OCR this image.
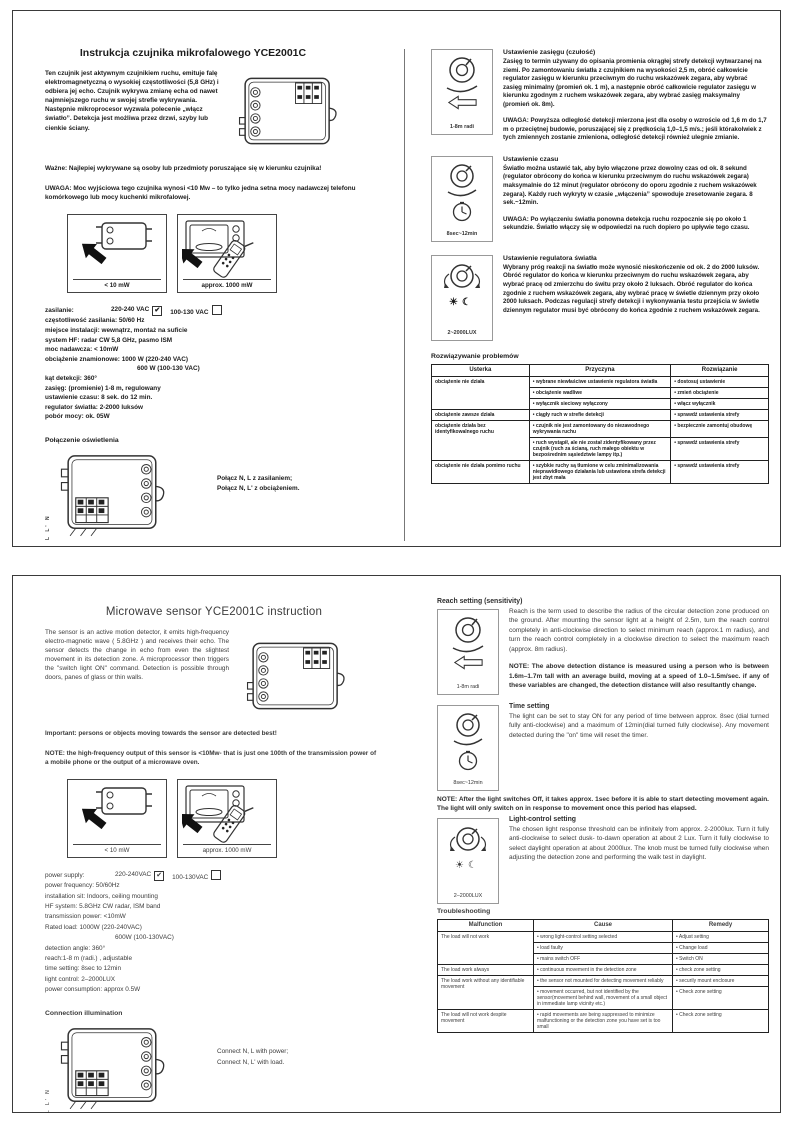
Instrukcja czujnika mikrofalowego YCE2001C

Ten czujnik jest aktywnym czujnikiem ruchu, emituje falę elektromagnetyczną o wysokiej częstotliwości (5,8 GHz) i odbiera jej echo. Czujnik wykrywa zmianę echa od nawet najmniejszego ruchu w swojej strefie wykrywania. Następnie mikroprocesor wyzwala polecenie „włącz światło”. Detekcja jest możliwa przez drzwi, szyby lub cienkie ściany.

Ważne: Najlepiej wykrywane są osoby lub przedmioty poruszające się w kierunku czujnika!

UWAGA: Moc wyjściowa tego czujnika wynosi <10 Mw – to tylko jedna setna mocy nadawczej telefonu komórkowego lub mocy kuchenki mikrofalowej.

< 10 mW	approx. 1000 mW
zasilanie:	220-240 VAC ✔	100-130 VAC
częstotliwość zasilania: 50/60 Hz
miejsce instalacji: wewnątrz, montaż na suficie
system HF: radar CW 5,8 GHz, pasmo ISM
moc nadawcza: < 10mW
obciążenie znamionowe: 1000 W (220-240 VAC)
600 W (100-130 VAC)
kąt detekcji: 360°
zasięg: (promienie) 1-8 m, regulowany
ustawienie czasu: 8 sek. do 12 min.
regulator światła: 2-2000 luksów
pobór mocy: ok. 05W
Połączenie oświetlenia
L L' N
Połącz N, L z zasilaniem;
Połącz N, L' z obciążeniem.
1-8m radi

Ustawienie zasięgu (czułość)

Zasięg to termin używany do opisania promienia okrągłej strefy detekcji wytwarzanej na ziemi. Po zamontowaniu światła z czujnikiem na wysokości 2,5 m, obróć całkowicie regulator zasięgu w kierunku przeciwnym do ruchu wskazówek zegara, aby wybrać zasięg minimalny (promień ok. 1 m), a następnie obróć całkowicie regulator zasięgu w kierunku zgodnym z ruchem wskazówek zegara, aby wybrać zasięg maksymalny (promień ok. 8m).

UWAGA: Powyższa odległość detekcji mierzona jest dla osoby o wzroście od 1,6 m do 1,7 m o przeciętnej budowie, poruszającej się z prędkością 1,0–1,5 m/s.; jeśli którakolwiek z tych zmiennych zostanie zmieniona, odległość detekcji również ulegnie zmianie.

8sec~12min

Ustawienie czasu

Światło można ustawić tak, aby było włączone przez dowolny czas od ok. 8 sekund (regulator obrócony do końca w kierunku przeciwnym do ruchu wskazówek zegara) maksymalnie do 12 minut (regulator obrócony do oporu zgodnie z ruchem wskazówek zegara). Każdy ruch wykryty w czasie „włączenia” spowoduje zresetowanie zegara. 8 sek.~12min.

UWAGA: Po wyłączeniu światła ponowna detekcja ruchu rozpocznie się po około 1 sekundzie. Światło włączy się w odpowiedzi na ruch dopiero po upływie tego czasu.

☀☾
2~2000LUX

Ustawienie regulatora światła

Wybrany próg reakcji na światło może wynosić nieskończenie od ok. 2 do 2000 luksów. Obróć regulator do końca w kierunku przeciwnym do ruchu wskazówek zegara, aby wybrać pracę od zmierzchu do świtu przy około 2 luksach. Obróć regulator do końca zgodnie z ruchem wskazówek zegara, aby wybrać pracę w świetle dziennym przy około 2000 luksach. Podczas regulacji strefy detekcji i wykonywania testu przejścia w świetle dziennym regulator musi być obrócony do końca zgodnie z ruchem wskazówek zegara.

Rozwiązywanie problemów
Usterka	Przyczyna	Rozwiązanie
obciążenie nie działa	• wybrane niewłaściwe ustawienie regulatora światła	• dostosuj ustawienie
	• obciążenie wadliwe	• zmień obciążenie
	• wyłącznik sieciowy wyłączony	• włącz wyłącznik
obciążenie zawsze działa	• ciągły ruch w strefie detekcji	• sprawdź ustawienia strefy
obciążenie działa bez identyfikowalnego ruchu	• czujnik nie jest zamontowany do niezawodnego wykrywania ruchu	• bezpiecznie zamontuj obudowę
	• ruch wystąpił, ale nie został zidentyfikowany przez czujnik (ruch za ścianą, ruch małego obiektu w bezpośrednim sąsiedztwie lampy itp.)	• sprawdź ustawienia strefy
obciążenie nie działa pomimo ruchu	• szybkie ruchy są tłumione w celu zminimalizowania nieprawidłowego działania lub ustawiona strefa detekcji jest zbyt mała	• sprawdź ustawienia strefy
Microwave sensor YCE2001C instruction

The sensor is an active motion detector, it emits high-frequency electro-magnetic wave ( 5.8GHz ) and receives their echo. The sensor detects the change in echo from even the slightest movement in its detection zone. A microprocessor then triggers the "switch light ON" command. Detection is possible through doors, panes of glass or thin walls.

Important: persons or objects moving towards the sensor are detected best!

NOTE: the high-frequency output of this sensor is <10Mw- that is just one 100th of the transmission power of a mobile phone or the output of a microwave oven.

< 10 mW	approx. 1000 mW
power supply:	220-240VAC ✔	100-130VAC
power frequency: 50/60Hz
installation sit: Indoors, ceiling mounting
HF system: 5.8GHz CW radar, ISM band
transmission power: <10mW
Rated load: 1000W (220-240VAC)
600W (100-130VAC)
detection angle: 360°
reach:1-8 m (radi.) , adjustable
time setting: 8sec to 12min
light control: 2–2000LUX
power consumption: approx 0.5W
Connection illumination
L L' N
Connect N, L with power;
Connect N, L' with load.

Reach setting (sensitivity)

1-8m radi

Reach is the term used to describe the radius of the circular detection zone produced on the ground. After mounting the sensor light at a height of 2.5m, turn the reach control completely in anti-clockwise direction to select minimum reach (approx.1 m radius), and turn the reach control completely in a clockwise direction to select the maximum reach (approx. 8m radius).

NOTE: The above detection distance is measured using a person who is between 1.6m–1.7m tall with an average build, moving at a speed of 1.0–1.5m/sec. if any of these variables are changed, the detection distance will also resultantly change.

8sec~12min

Time setting

The light can be set to stay ON for any period of time between approx. 8sec (dial turned fully anti-clockwise) and a maximum of 12min(dial turned fully clockwise). Any movement detected during the "on" time will reset the timer.

NOTE: After the light switches Off, it takes approx. 1sec before it is able to start detecting movement again. The light will only switch on in response to movement once this period has elapsed.

☀☾
2–2000LUX

Light-control setting

The chosen light response threshold can be infinitely from approx. 2-2000lux. Turn it fully anti-clockwise to select dusk- to-dawn operation at about 2 Lux. Turn it fully clockwise to select daylight operation at about 2000lux. The knob must be turned fully clockwise when adjusting the detection zone and performing the walk test in daylight.

Troubleshooting
Malfunction	Cause	Remedy
The load will not work	• wrong light-control setting selected	• Adjust setting
	• load faulty	• Change load
	• mains switch OFF	• Switch ON
The load work always	• continuous movement in the detection zone	• check zone setting
The load work without any identifiable movement	• the sensor not mounted for detecting movement reliably	• securily mount enclosure
	• movement occurred, but not identified by the sensor(movement behind wall, movement of a small object in immediate lamp vicinity etc.)	• Check zone setting
The load will not work despite movement	• rapid movements are being suppressed to minimize malfunctioning or the detection zone you have set is too small	• Check zone setting
